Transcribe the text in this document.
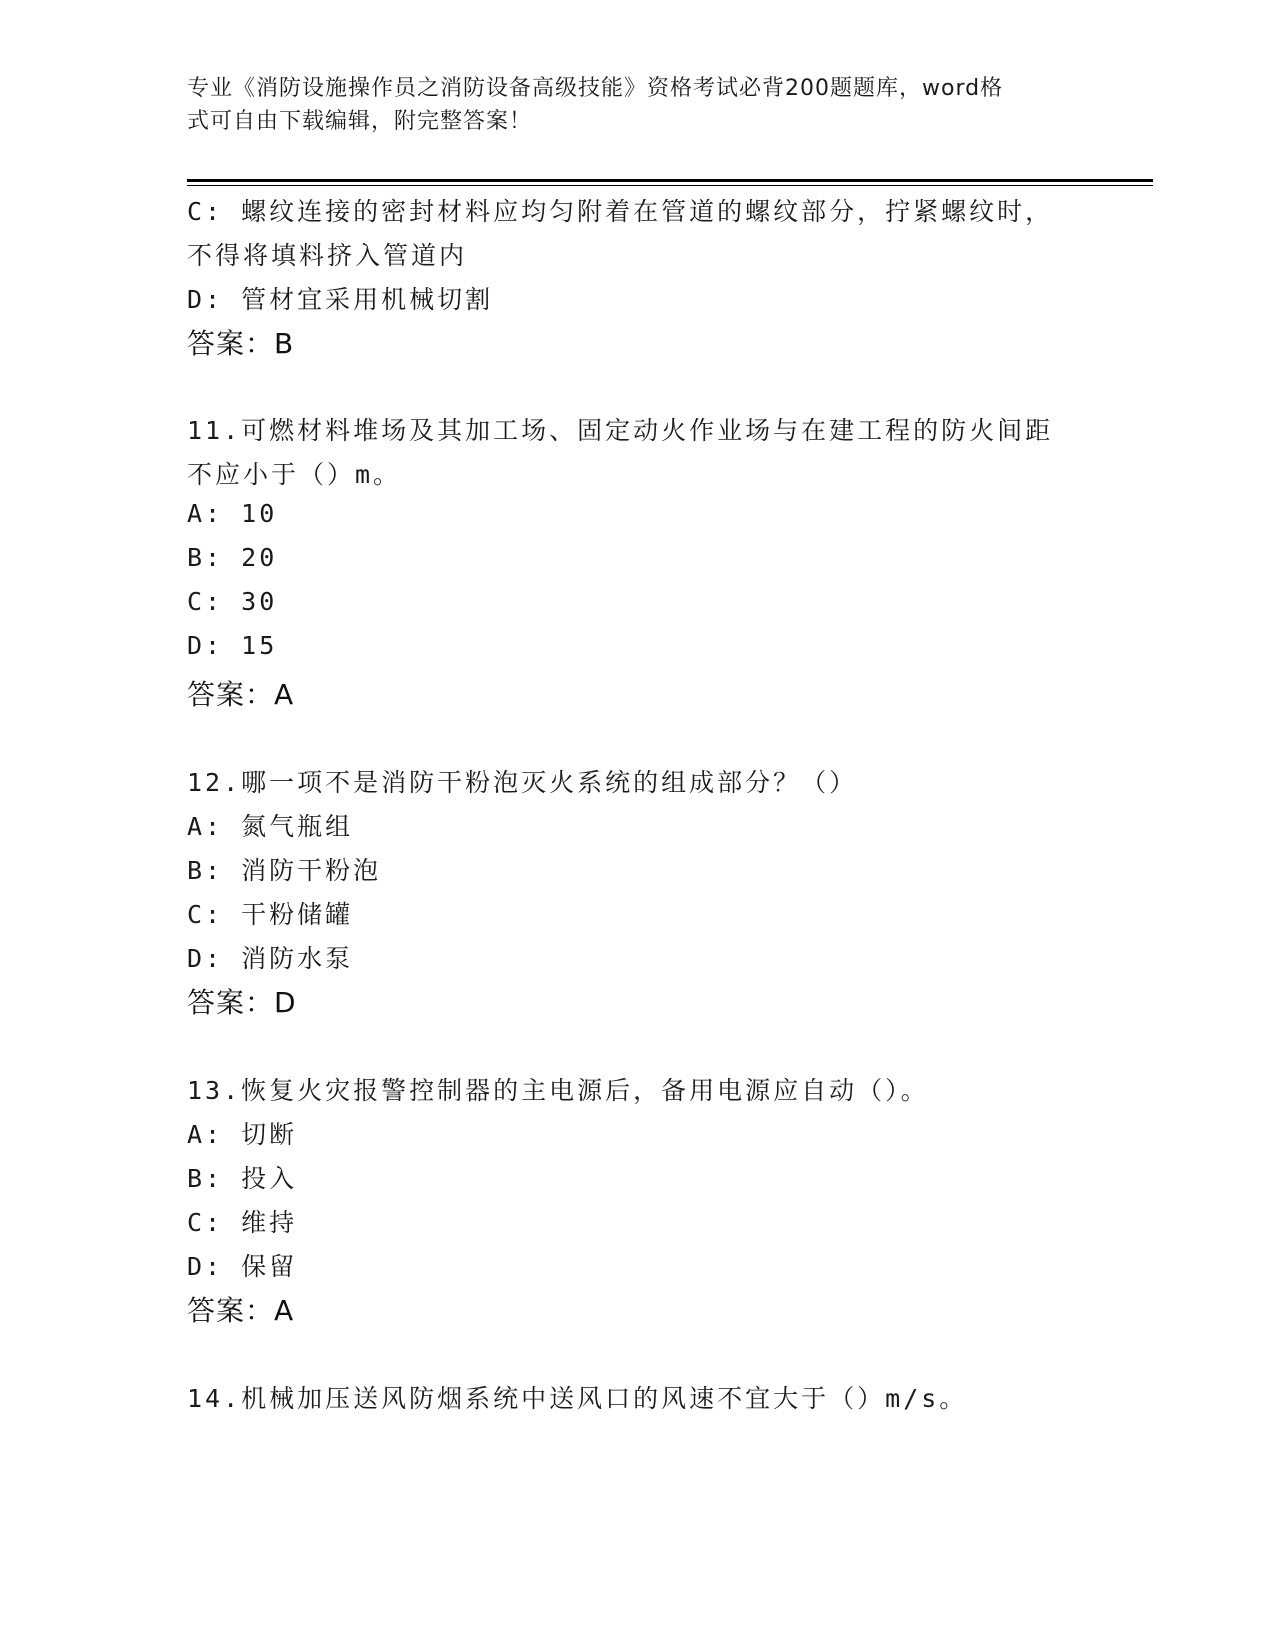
专业《消防设施操作员之消防设备高级技能》资格考试必背200题题库，word格
式可自由下载编辑，附完整答案！
C: 螺纹连接的密封材料应均匀附着在管道的螺纹部分，拧紧螺纹时，
不得将填料挤入管道内
D: 管材宜采用机械切割
答案：B
11.可燃材料堆场及其加工场、固定动火作业场与在建工程的防火间距
不应小于（）m。
A: 10
B: 20
C: 30
D: 15
答案：A
12.哪一项不是消防干粉泡灭火系统的组成部分？（）
A: 氮气瓶组
B: 消防干粉泡
C: 干粉储罐
D: 消防水泵
答案：D
13.恢复火灾报警控制器的主电源后，备用电源应自动（）。
A: 切断
B: 投入
C: 维持
D: 保留
答案：A
14.机械加压送风防烟系统中送风口的风速不宜大于（）m/s。
